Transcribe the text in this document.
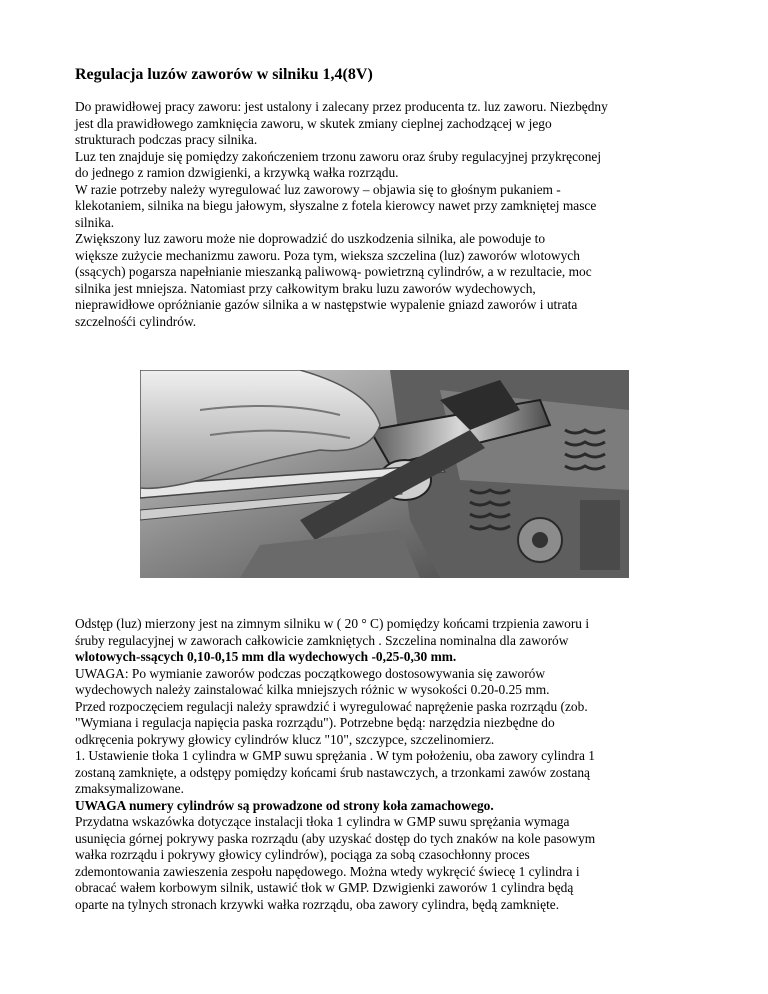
Regulacja luzów zaworów w silniku 1,4(8V)

Do prawidłowej pracy zaworu: jest ustalony i zalecany przez producenta tz. luz zaworu. Niezbędny
jest dla prawidłowego zamknięcia zaworu, w skutek zmiany cieplnej zachodzącej w jego
strukturach podczas pracy silnika.
Luz ten znajduje się pomiędzy zakończeniem trzonu zaworu oraz śruby regulacyjnej przykręconej
do jednego z ramion dzwigienki, a krzywką wałka rozrządu.
W razie potrzeby należy wyregulować luz zaworowy – objawia się to głośnym pukaniem -
klekotaniem, silnika na biegu jałowym, słyszalne z fotela kierowcy nawet przy zamkniętej masce
silnika.
Zwiększony luz zaworu może nie doprowadzić do uszkodzenia silnika, ale powoduje to
większe zużycie mechanizmu zaworu. Poza tym, wieksza szczelina (luz) zaworów wlotowych
(ssących) pogarsza napełnianie mieszanką paliwową- powietrzną cylindrów, a w rezultacie, moc
silnika jest mniejsza. Natomiast przy całkowitym braku luzu zaworów wydechowych,
nieprawidłowe opróżnianie gazów silnika a w następstwie wypalenie gniazd zaworów i utrata
szczelnośći cylindrów.

Odstęp (luz) mierzony jest na zimnym silniku w ( 20 ° C) pomiędzy końcami trzpienia zaworu i
śruby regulacyjnej w zaworach całkowicie zamkniętych . Szczelina nominalna dla zaworów
wlotowych-ssących 0,10-0,15 mm dla wydechowych -0,25-0,30 mm.
UWAGA: Po wymianie zaworów podczas początkowego dostosowywania się zaworów
wydechowych należy zainstalować kilka mniejszych różnic w wysokości 0.20-0.25 mm.
Przed rozpoczęciem regulacji należy sprawdzić i wyregulować naprężenie paska rozrządu (zob.
"Wymiana i regulacja napięcia paska rozrządu"). Potrzebne będą: narzędzia niezbędne do
odkręcenia pokrywy głowicy cylindrów klucz "10", szczypce, szczelinomierz.
1. Ustawienie tłoka 1 cylindra w GMP suwu sprężania . W tym położeniu, oba zawory cylindra 1
zostaną zamknięte, a odstępy pomiędzy końcami śrub nastawczych, a trzonkami zawów zostaną
zmaksymalizowane.
UWAGA numery cylindrów są prowadzone od strony koła zamachowego.
Przydatna wskazówka dotyczące instalacji tłoka 1 cylindra w GMP suwu sprężania wymaga
usunięcia górnej pokrywy paska rozrządu (aby uzyskać dostęp do tych znaków na kole pasowym
wałka rozrządu i pokrywy głowicy cylindrów), pociąga za sobą czasochłonny proces
zdemontowania zawieszenia zespołu napędowego. Można wtedy wykręcić świecę 1 cylindra i
obracać wałem korbowym silnik, ustawić tłok w GMP. Dzwigienki zaworów 1 cylindra będą
oparte na tylnych stronach krzywki wałka rozrządu, oba zawory cylindra, będą zamknięte.
